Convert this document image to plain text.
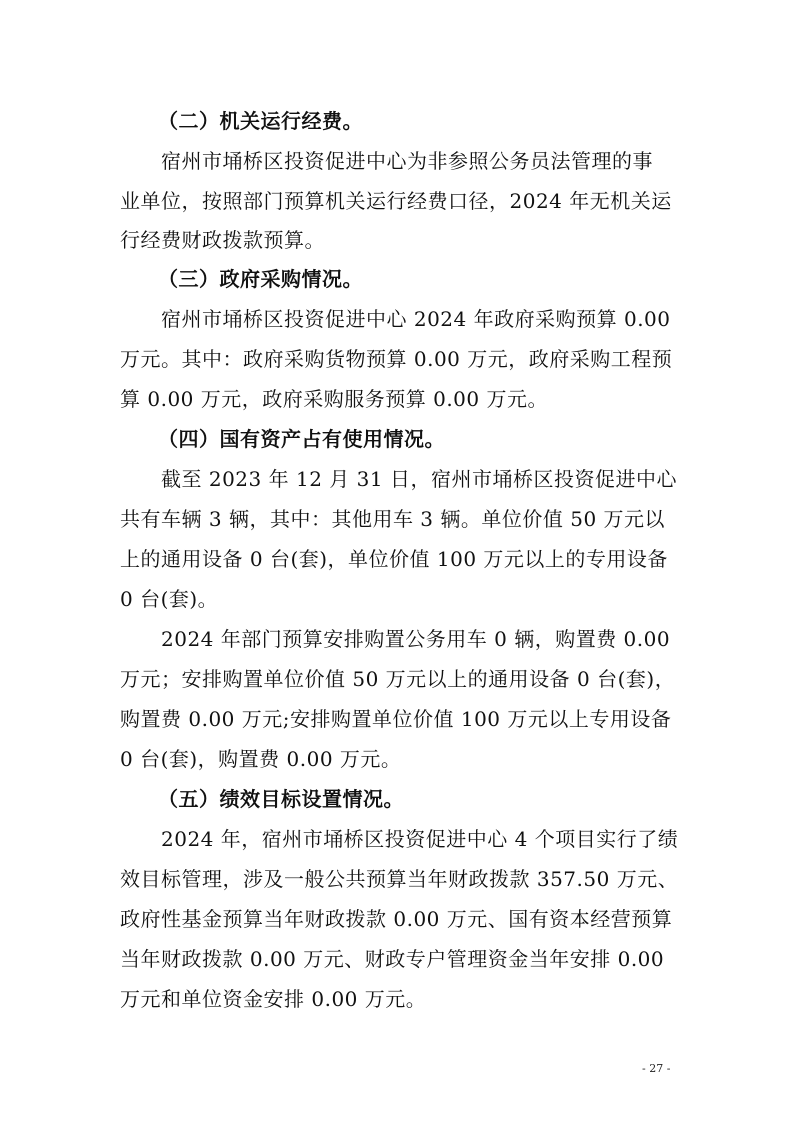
（二）机关运行经费。
宿州市埇桥区投资促进中心为非参照公务员法管理的事
业单位，按照部门预算机关运行经费口径，2024 年无机关运
行经费财政拨款预算。
（三）政府采购情况。
宿州市埇桥区投资促进中心 2024 年政府采购预算 0.00
万元。其中：政府采购货物预算 0.00 万元，政府采购工程预
算 0.00 万元，政府采购服务预算 0.00 万元。
（四）国有资产占有使用情况。
截至 2023 年 12 月 31 日，宿州市埇桥区投资促进中心
共有车辆 3 辆，其中：其他用车 3 辆。单位价值 50 万元以
上的通用设备 0 台(套)，单位价值 100 万元以上的专用设备
0 台(套)。
2024 年部门预算安排购置公务用车 0 辆，购置费 0.00
万元；安排购置单位价值 50 万元以上的通用设备 0 台(套)，
购置费 0.00 万元;安排购置单位价值 100 万元以上专用设备
0 台(套)，购置费 0.00 万元。
（五）绩效目标设置情况。
2024 年，宿州市埇桥区投资促进中心 4 个项目实行了绩
效目标管理，涉及一般公共预算当年财政拨款 357.50 万元、
政府性基金预算当年财政拨款 0.00 万元、国有资本经营预算
当年财政拨款 0.00 万元、财政专户管理资金当年安排 0.00
万元和单位资金安排 0.00 万元。
- 27 -
